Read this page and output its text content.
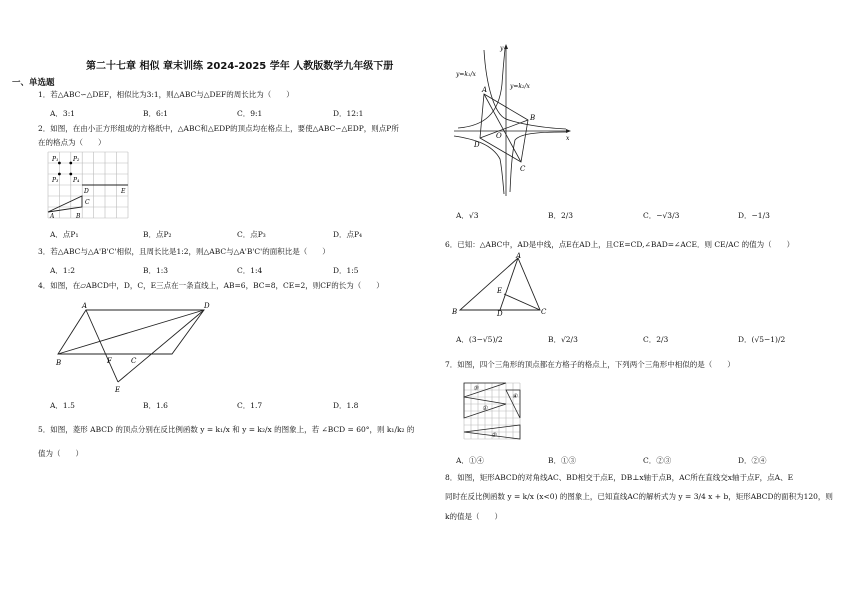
第二十七章 相似 章末训练 2024-2025 学年 人教版数学九年级下册
一、单选题
1．若△ABC∽△DEF，相似比为3:1，则△ABC与△DEF的周长比为（　　）
A．3:1	B．6:1	C．9:1	D．12:1
2．如图，在由小正方形组成的方格纸中，△ABC和△EDP的顶点均在格点上，要使△ABC∽△EDP，则点P所
在的格点为（　　）
P₁ P₂
P₃ P₄
D	E
C
A	B
A．点P₁	B．点P₂	C．点P₃	D．点P₄
3．若△ABC与△A'B'C'相似，且周长比是1:2，则△ABC与△A'B'C'的面积比是（　　）
A．1:2	B．1:3	C．1:4	D．1:5
4．如图，在▱ABCD中，D，C，E三点在一条直线上，AB=6，BC=8，CE=2，则CF的长为（　　）
A	D
B	F	C
E
A．1.5	B．1.6	C．1.7	D．1.8
5．如图，菱形 ABCD 的顶点分别在反比例函数 y = k₁/x 和 y = k₂/x 的图象上，若 ∠BCD = 60°，则 k₁/k₂ 的
值为（　　）
y
y=k₁/x
y=k₂/x
A
B
O
D
C
x
A．√3	B．2/3	C．−√3/3	D．−1/3
6．已知：△ABC中，AD是中线，点E在AD上，且CE=CD,∠BAD=∠ACE．则 CE/AC 的值为（　　）
A
E
B	D	C
A．(3−√5)/2	B．√2/3	C．2/3	D．(√5−1)/2
7．如图，四个三角形的顶点都在方格子的格点上，下列两个三角形中相似的是（　　）
③
④
①
②
A．①④	B．①③	C．②③	D．②④
8．如图，矩形ABCD的对角线AC、BD相交于点E，DB⊥x轴于点B，AC所在直线交x轴于点F，点A、E
同时在反比例函数 y = k/x (x<0) 的图象上，已知直线AC的解析式为 y = 3/4 x + b，矩形ABCD的面积为120，则
k的值是（　　）
